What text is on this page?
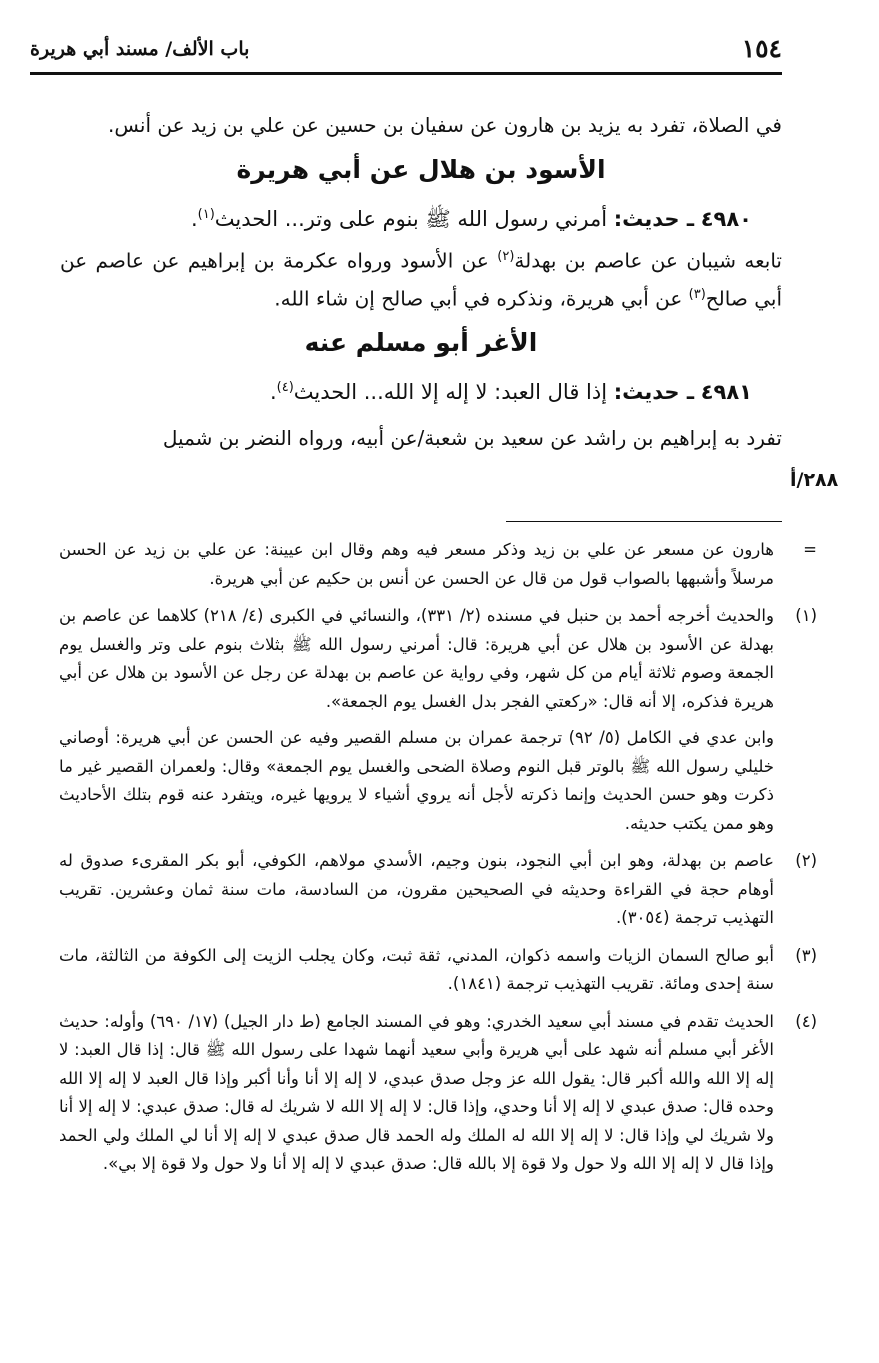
١٥٤
باب الألف/ مسند أبي هريرة

في الصلاة، تفرد به يزيد بن هارون عن سفيان بن حسين عن علي بن زيد عن أنس.

الأسود بن هلال عن أبي هريرة

٤٩٨٠ ـ حديث: أمرني رسول الله ﷺ بنوم على وتر... الحديث$^{(١)}$.

تابعه شيبان عن عاصم بن بهدلة$^{(٢)}$ عن الأسود ورواه عكرمة بن إبراهيم عن عاصم عن أبي صالح$^{(٣)}$ عن أبي هريرة، ونذكره في أبي صالح إن شاء الله.

الأغر أبو مسلم عنه

٤٩٨١ ـ حديث: إذا قال العبد: لا إله إلا الله... الحديث$^{(٤)}$.

تفرد به إبراهيم بن راشد عن سعيد بن شعبة/عن أبيه، ورواه النضر بن شميل

٢٨٨/أ
=

هارون عن مسعر عن علي بن زيد وذكر مسعر فيه وهم وقال ابن عيينة: عن علي بن زيد عن الحسن مرسلاً وأشبهها بالصواب قول من قال عن الحسن عن أنس بن حكيم عن أبي هريرة.

(١)

والحديث أخرجه أحمد بن حنبل في مسنده (٢/ ٣٣١)، والنسائي في الكبرى (٤/ ٢١٨) كلاهما عن عاصم بن بهدلة عن الأسود بن هلال عن أبي هريرة: قال: أمرني رسول الله ﷺ بثلاث بنوم على وتر والغسل يوم الجمعة وصوم ثلاثة أيام من كل شهر، وفي رواية عن عاصم بن بهدلة عن رجل عن الأسود بن هلال عن أبي هريرة فذكره، إلا أنه قال: «ركعتي الفجر بدل الغسل يوم الجمعة».

وابن عدي في الكامل (٥/ ٩٢) ترجمة عمران بن مسلم القصير وفيه عن الحسن عن أبي هريرة: أوصاني خليلي رسول الله ﷺ بالوتر قبل النوم وصلاة الضحى والغسل يوم الجمعة» وقال: ولعمران القصير غير ما ذكرت وهو حسن الحديث وإنما ذكرته لأجل أنه يروي أشياء لا يرويها غيره، ويتفرد عنه قوم بتلك الأحاديث وهو ممن يكتب حديثه.

(٢)

عاصم بن بهدلة، وهو ابن أبي النجود، بنون وجيم، الأسدي مولاهم، الكوفي، أبو بكر المقرىء صدوق له أوهام حجة في القراءة وحديثه في الصحيحين مقرون، من السادسة، مات سنة ثمان وعشرين. تقريب التهذيب ترجمة (٣٠٥٤).

(٣)

أبو صالح السمان الزيات واسمه ذكوان، المدني، ثقة ثبت، وكان يجلب الزيت إلى الكوفة من الثالثة، مات سنة إحدى ومائة. تقريب التهذيب ترجمة (١٨٤١).

(٤)

الحديث تقدم في مسند أبي سعيد الخدري: وهو في المسند الجامع (ط دار الجيل) (١٧/ ٦٩٠) وأوله: حديث الأغر أبي مسلم أنه شهد على أبي هريرة وأبي سعيد أنهما شهدا على رسول الله ﷺ قال: إذا قال العبد: لا إله إلا الله والله أكبر قال: يقول الله عز وجل صدق عبدي، لا إله إلا أنا وأنا أكبر وإذا قال العبد لا إله إلا الله وحده قال: صدق عبدي لا إله إلا أنا وحدي، وإذا قال: لا إله إلا الله لا شريك له قال: صدق عبدي: لا إله إلا أنا ولا شريك لي وإذا قال: لا إله إلا الله له الملك وله الحمد قال صدق عبدي لا إله إلا أنا لي الملك ولي الحمد وإذا قال لا إله إلا الله ولا حول ولا قوة إلا بالله قال: صدق عبدي لا إله إلا أنا ولا حول ولا قوة إلا بي».
